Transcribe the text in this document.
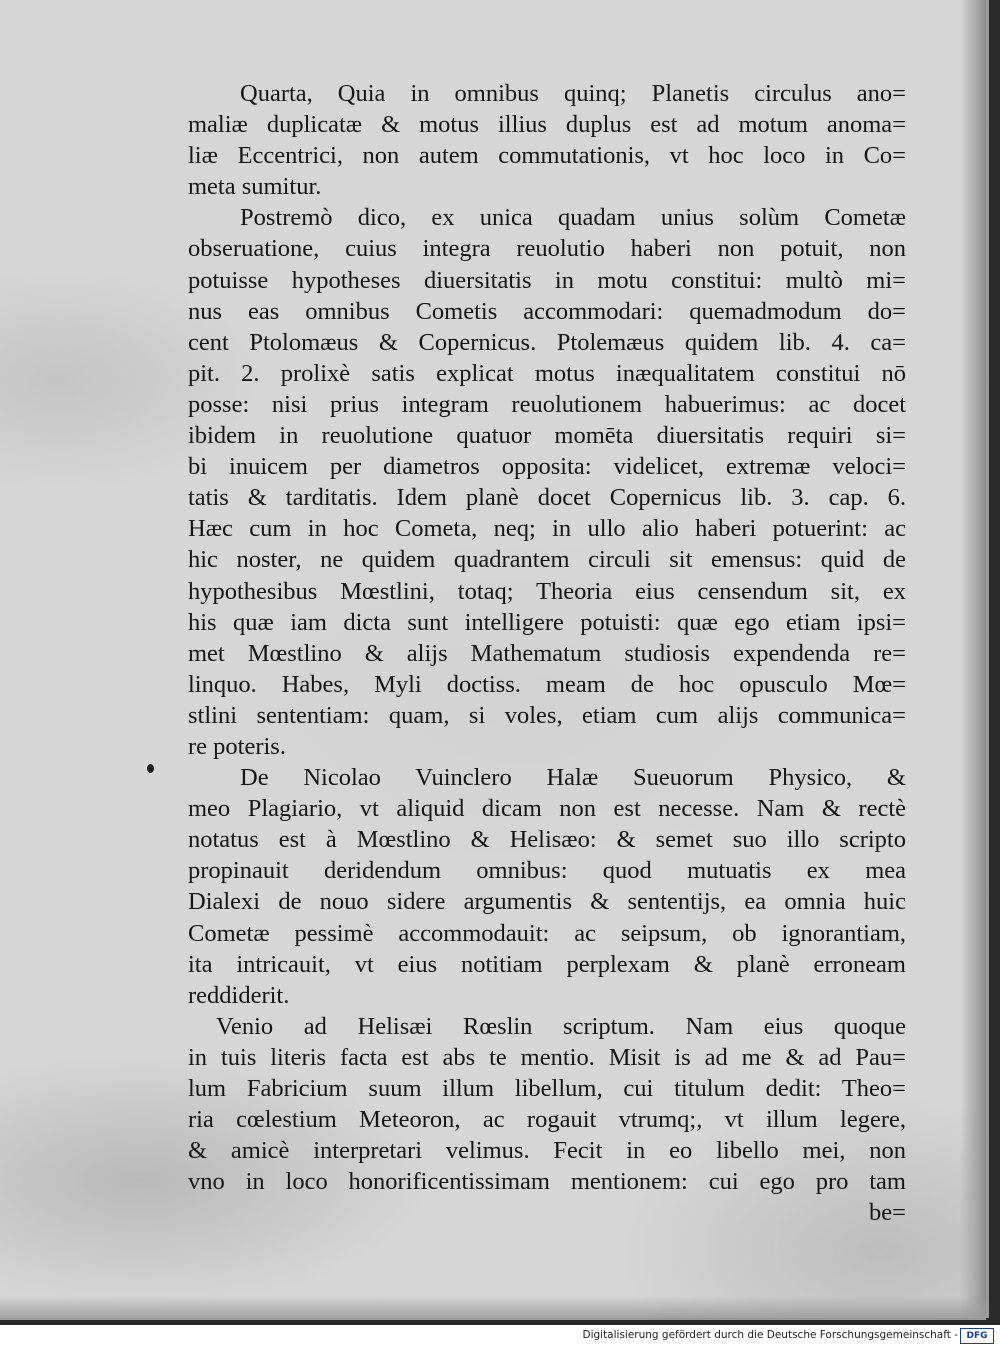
Quarta, Quia in omnibus quinq; Planetis circulus ano=
maliæ duplicatæ & motus illius duplus est ad motum anoma=
liæ Eccentrici, non autem commutationis, vt hoc loco in Co=
meta sumitur.
Postremò dico, ex unica quadam unius solùm Cometæ
obseruatione, cuius integra reuolutio haberi non potuit, non
potuisse hypotheses diuersitatis in motu constitui: multò mi=
nus eas omnibus Cometis accommodari: quemadmodum do=
cent Ptolomæus & Copernicus. Ptolemæus quidem lib. 4. ca=
pit. 2. prolixè satis explicat motus inæqualitatem constitui nō
posse: nisi prius integram reuolutionem habuerimus: ac docet
ibidem in reuolutione quatuor momēta diuersitatis requiri si=
bi inuicem per diametros opposita: videlicet, extremæ veloci=
tatis & tarditatis. Idem planè docet Copernicus lib. 3. cap. 6.
Hæc cum in hoc Cometa, neq; in ullo alio haberi potuerint: ac
hic noster, ne quidem quadrantem circuli sit emensus: quid de
hypothesibus Mœstlini, totaq; Theoria eius censendum sit, ex
his quæ iam dicta sunt intelligere potuisti: quæ ego etiam ipsi=
met Mœstlino & alijs Mathematum studiosis expendenda re=
linquo. Habes, Myli doctiss. meam de hoc opusculo Mœ=
stlini sententiam: quam, si voles, etiam cum alijs communica=
re poteris.
De Nicolao Vuinclero Halæ Sueuorum Physico, &
meo Plagiario, vt aliquid dicam non est necesse. Nam & rectè
notatus est à Mœstlino & Helisæo: & semet suo illo scripto
propinauit deridendum omnibus: quod mutuatis ex mea
Dialexi de nouo sidere argumentis & sententijs, ea omnia huic
Cometæ pessimè accommodauit: ac seipsum, ob ignorantiam,
ita intricauit, vt eius notitiam perplexam & planè erroneam
reddiderit.
Venio ad Helisæi Rœslin scriptum. Nam eius quoque
in tuis literis facta est abs te mentio. Misit is ad me & ad Pau=
lum Fabricium suum illum libellum, cui titulum dedit: Theo=
ria cœlestium Meteoron, ac rogauit vtrumq;, vt illum legere,
& amicè interpretari velimus. Fecit in eo libello mei, non
vno in loco honorificentissimam mentionem: cui ego pro tam
be=
Digitalisierung gefördert durch die Deutsche Forschungsgemeinschaft - DFG
